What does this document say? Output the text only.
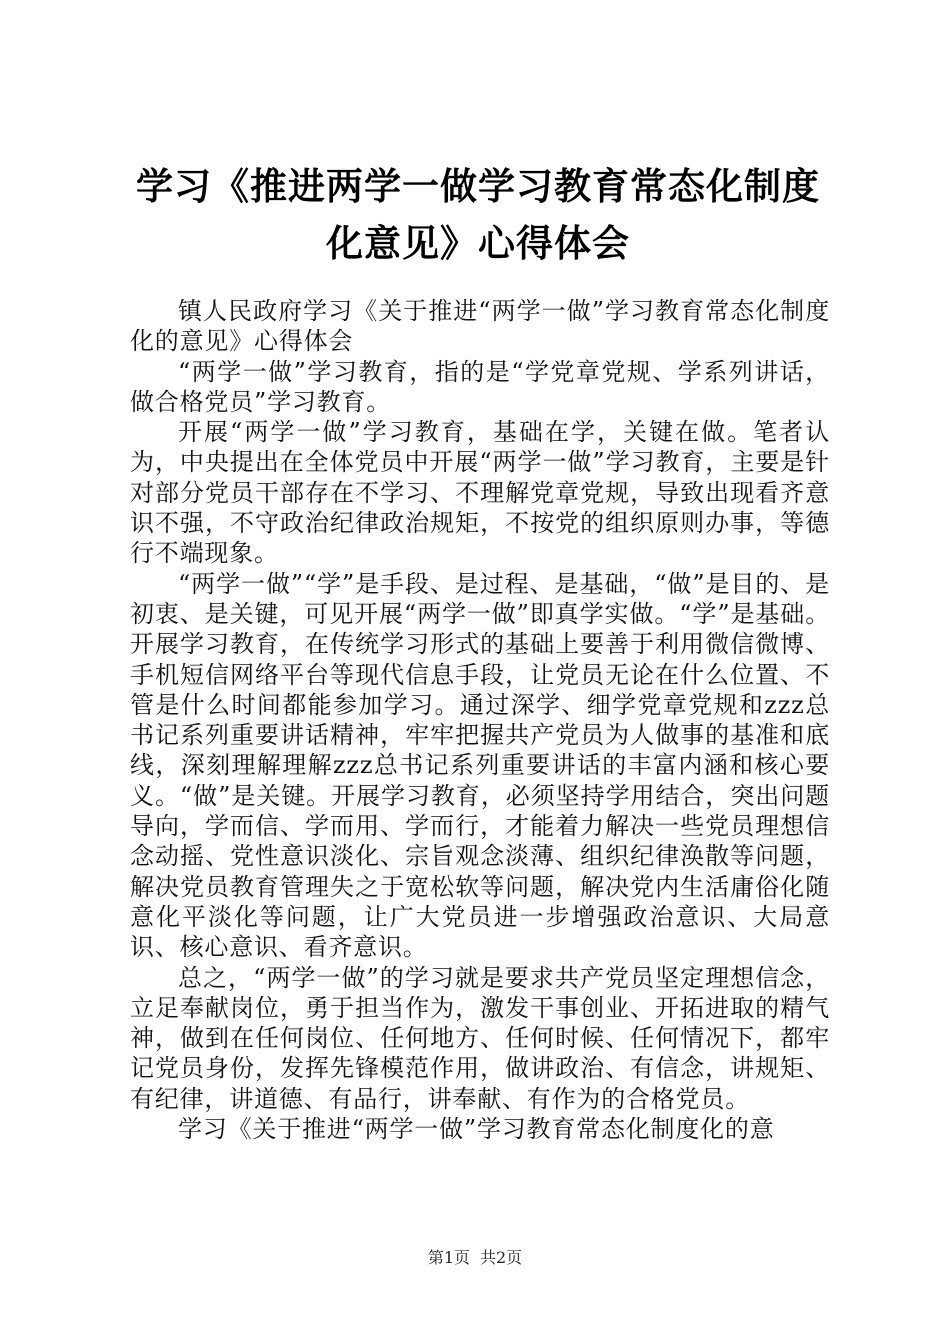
学习《推进两学一做学习教育常态化制度化意见》心得体会

镇人民政府学习《关于推进“两学一做”学习教育常态化制度化的意见》心得体会

“两学一做”学习教育，指的是“学党章党规、学系列讲话，做合格党员”学习教育。

开展“两学一做”学习教育，基础在学，关键在做。笔者认为，中央提出在全体党员中开展“两学一做”学习教育，主要是针对部分党员干部存在不学习、不理解党章党规，导致出现看齐意识不强，不守政治纪律政治规矩，不按党的组织原则办事，等德行不端现象。

“两学一做”“学”是手段、是过程、是基础，“做”是目的、是初衷、是关键，可见开展“两学一做”即真学实做。“学”是基础。开展学习教育，在传统学习形式的基础上要善于利用微信微博、手机短信网络平台等现代信息手段，让党员无论在什么位置、不管是什么时间都能参加学习。通过深学、细学党章党规和zzz总书记系列重要讲话精神，牢牢把握共产党员为人做事的基准和底线，深刻理解理解zzz总书记系列重要讲话的丰富内涵和核心要义。“做”是关键。开展学习教育，必须坚持学用结合，突出问题导向，学而信、学而用、学而行，才能着力解决一些党员理想信念动摇、党性意识淡化、宗旨观念淡薄、组织纪律涣散等问题，解决党员教育管理失之于宽松软等问题，解决党内生活庸俗化随意化平淡化等问题，让广大党员进一步增强政治意识、大局意识、核心意识、看齐意识。

总之，“两学一做”的学习就是要求共产党员坚定理想信念，立足奉献岗位，勇于担当作为，激发干事创业、开拓进取的精气神，做到在任何岗位、任何地方、任何时候、任何情况下，都牢记党员身份，发挥先锋模范作用，做讲政治、有信念，讲规矩、有纪律，讲道德、有品行，讲奉献、有作为的合格党员。

学习《关于推进“两学一做”学习教育常态化制度化的意

第1页 共2页
